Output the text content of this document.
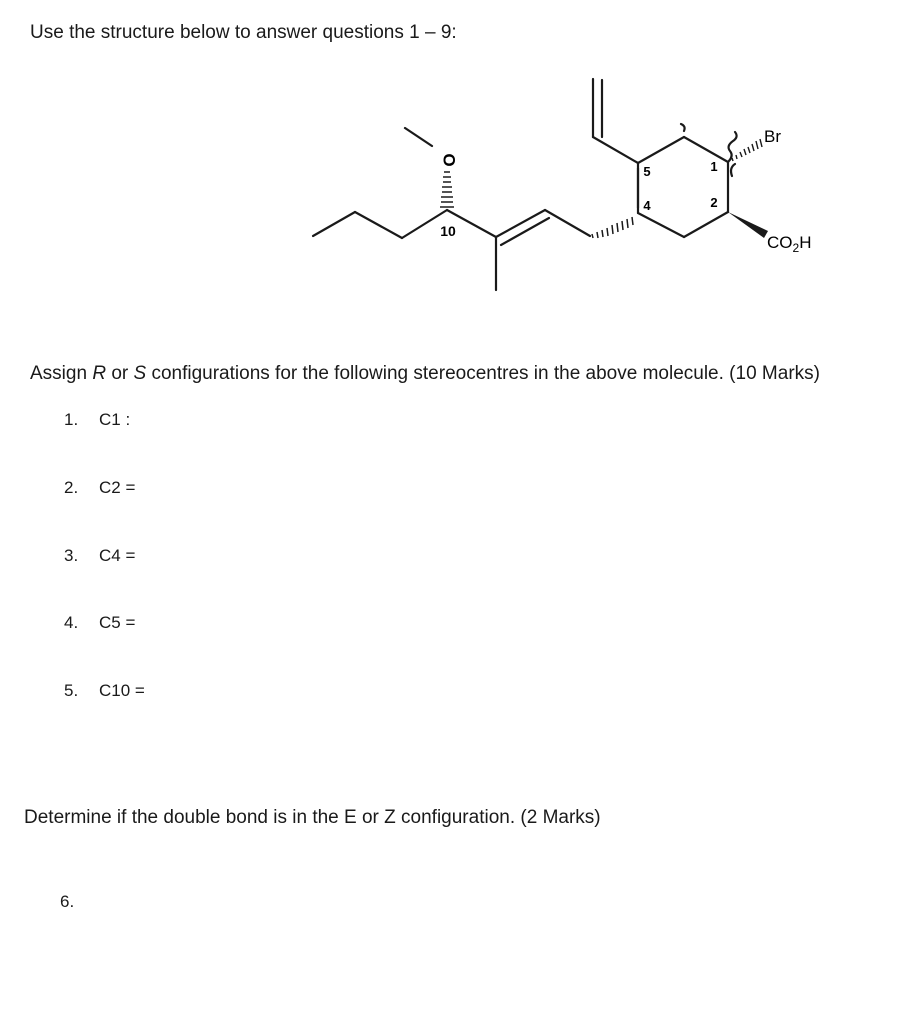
Use the structure below to answer questions 1 – 9:
O
10
5
4
1
2
Br
$CO_2H$
Assign R or S configurations for the following stereocentres in the above molecule. (10 Marks)
1. C1 :
2. C2 =
3. C4 =
4. C5 =
5. C10 =
Determine if the double bond is in the E or Z configuration. (2 Marks)
6.
